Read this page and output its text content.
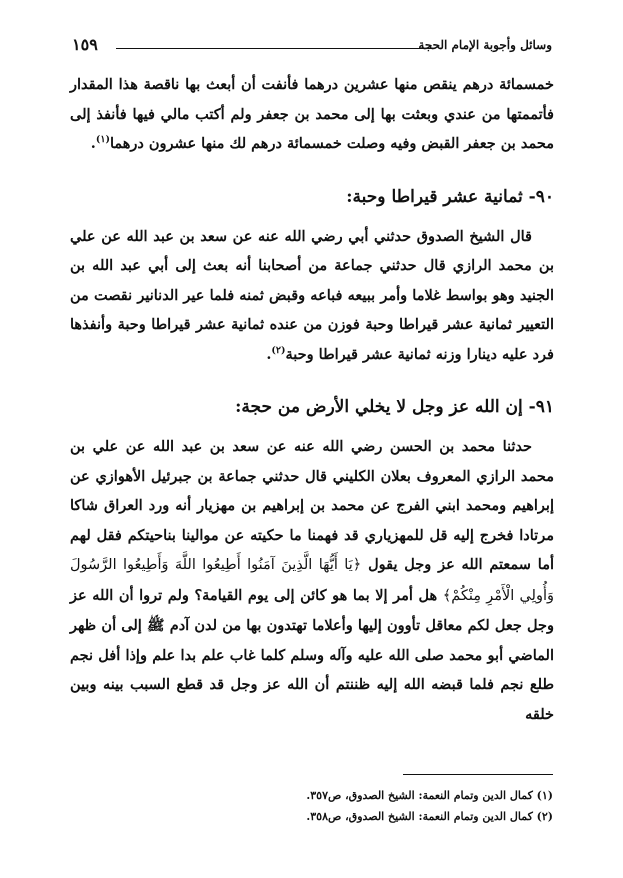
وسائل وأجوبة الإمام الحجة
١٥٩

خمسمائة درهم ينقص منها عشرين درهما فأنفت أن أبعث بها ناقصة هذا المقدار فأتممتها من عندي وبعثت بها إلى محمد بن جعفر ولم أكتب مالي فيها فأنفذ إلى محمد بن جعفر القبض وفيه وصلت خمسمائة درهم لك منها عشرون درهما$^{(١)}$.

٩٠- ثمانية عشر قيراطا وحبة:

قال الشيخ الصدوق حدثني أبي رضي الله عنه عن سعد بن عبد الله عن علي بن محمد الرازي قال حدثني جماعة من أصحابنا أنه بعث إلى أبي عبد الله بن الجنيد وهو بواسط غلاما وأمر ببيعه فباعه وقبض ثمنه فلما عير الدنانير نقصت من التعيير ثمانية عشر قيراطا وحبة فوزن من عنده ثمانية عشر قيراطا وحبة وأنفذها فرد عليه دينارا وزنه ثمانية عشر قيراطا وحبة$^{(٢)}$.

٩١- إن الله عز وجل لا يخلي الأرض من حجة:

حدثنا محمد بن الحسن رضي الله عنه عن سعد بن عبد الله عن علي بن محمد الرازي المعروف بعلان الكليني قال حدثني جماعة بن جبرئيل الأهوازي عن إبراهيم ومحمد ابني الفرج عن محمد بن إبراهيم بن مهزيار أنه ورد العراق شاكا مرتادا فخرج إليه قل للمهزياري قد فهمنا ما حكيته عن موالينا بناحيتكم فقل لهم أما سمعتم الله عز وجل يقول ﴿يَا أَيُّهَا الَّذِينَ آمَنُوا أَطِيعُوا اللَّهَ وَأَطِيعُوا الرَّسُولَ وَأُولِي الْأَمْرِ مِنْكُمْ﴾ هل أمر إلا بما هو كائن إلى يوم القيامة؟ ولم تروا أن الله عز وجل جعل لكم معاقل تأوون إليها وأعلاما تهتدون بها من لدن آدم ﷺ إلى أن ظهر الماضي أبو محمد صلى الله عليه وآله وسلم كلما غاب علم بدا علم وإذا أفل نجم طلع نجم فلما قبضه الله إليه ظننتم أن الله عز وجل قد قطع السبب بينه وبين خلقه

(١) كمال الدين وتمام النعمة: الشيخ الصدوق، ص٣٥٧.

(٢) كمال الدين وتمام النعمة: الشيخ الصدوق، ص٣٥٨.
